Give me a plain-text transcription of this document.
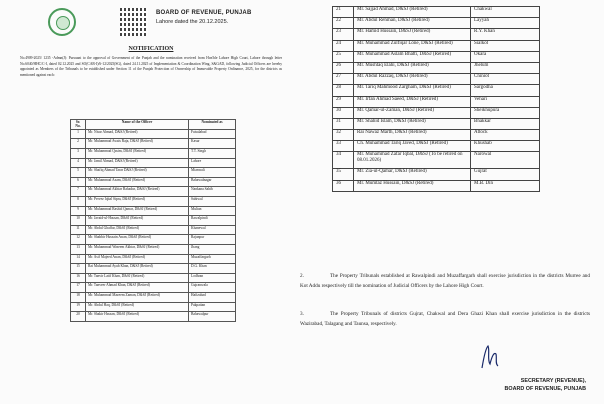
BOARD OF REVENUE, PUNJAB
Lahore dated the 20.12.2025.
NOTIFICATION
No.4909-2025/ 1235 -Admn(J): Pursuant to the approval of Government of the Punjab and the nomination received from Hon'ble Lahore High Court, Lahore through letter No.6040/HHC/C-I, dated 02.12.2025 and SO(CAB-I)/6-12/2025(SG), dated 24.11.2025 of Implementation & Coordination Wing, S&GAD, following Judicial Officers are hereby appointed as Members of the Tribunals to be established under Section 11 of the Punjab Protection of Ownership of Immovable Property Ordinance, 2025, for the districts as mentioned against each:
Sr. No.	Name of the Officer	Nominated as
1	Mr. Nisar Ahmad, D&SJ (Retired)	Faisalabad
2	Mr. Muhammad Awais Raja, D&SJ (Retired)	Kasur
3	Mr. Muhammad Qasim, D&SJ (Retired)	T.T. Singh
4	Mr. Jamil Ahmad, D&SJ (Retired)	Lahore
5	Mr. Shafiq Ahmad Tarar D&SJ (Retired)	Mianwali
6	Mr. Muhammad Azam, D&SJ (Retired)	Bahawalnagar
7	Mr. Muhammad Akhtar Bahadur, D&SJ (Retired)	Nankana Sahib
8	Mr. Pervez Iqbal Sipra, D&SJ (Retired)	Sahiwal
9	Mr. Muhammad Rashid Qamar, D&SJ (Retired)	Multan
10	Mr. Javaid-ul-Hassan, D&SJ (Retired)	Rawalpindi
11	Mr. Abdul Ghaffar, D&SJ (Retired)	Khanewal
12	Mr. Shabbir Hussain Awan, D&SJ (Retired)	Rajanpur
13	Mr. Muhammad Waseem Akhtar, D&SJ (Retired)	Jhang
14	Mr. Asif Majeed Awan, D&SJ (Retired)	Muzaffargarh
15	Rai Muhammad Ayub Khan, D&SJ (Retired)	D.G. Khan
16	Mr. Tanvir Latif Khan, D&SJ (Retired)	Lodhran
17	Mr. Tanveer Ahmad Khan, D&SJ (Retired)	Gujranwala
18	Mr. Muhammad Mazeem Zaman, D&SJ (Retired)	Hafizabad
19	Mr. Abdul Haq, D&SJ (Retired)	Pakpattan
20	Mr. Shakir Hassan, D&SJ (Retired)	Bahawalpur
21	Mr. Sajjad Ahmad, D&SJ (Retired)	Chakwal
22	Mr. Abdul Rehman, D&SJ (Retired)	Layyah
23	Mr. Hamid Hussain, D&SJ (Retired)	R.Y. Khan
24	Mr. Muhammad Zulfiqar Lone, D&SJ (Retired)	Sialkot
25	Mr. Muhammad Aslam Bhatti, D&SJ (Retired)	Okara
26	Mr. Mushtaq Elahi, D&SJ (Retired)	Jhelum
27	Mr. Abdul Razzaq, D&SJ (Retired)	Chiniot
28	Mr. Tariq Mahmood Zargham, D&SJ (Retired)	Sargodha
29	Mr. Irfan Ahmad Saeed, D&SJ (Retired)	Vehari
30	Mr. Qamar-ul-Zaman, D&SJ (Retired)	Sheikhupura
31	Mr. Shahid Islam, D&SJ (Retired)	Bhakkar
32	Rai Nawaz Marth, D&SJ (Retired)	Attock
33	Ch. Muhammad Tariq Javed, D&SJ (Retired)	Khushab
34	Mr. Muhammad Zafar Iqbal, D&SJ (To be retired on 08.01.2026)	Narowal
35	Mr. Zia-ul-Qamar, D&SJ (Retired)	Gujrat
36	Mr. Mumtaz Hussain, D&SJ (Retired)	M.B. Din
2.	The Property Tribunals established at Rawalpindi and Muzaffargarh shall exercise jurisdiction in the districts Murree and Kot Addu respectively till the nomination of Judicial Officers by the Lahore High Court.
3.	The Property Tribunals of districts Gujrat, Chakwal and Dera Ghazi Khan shall exercise jurisdiction in the districts Wazirabad, Talagang and Taunsa, respectively.
SECRETARY (REVENUE),
BOARD OF REVENUE, PUNJAB
